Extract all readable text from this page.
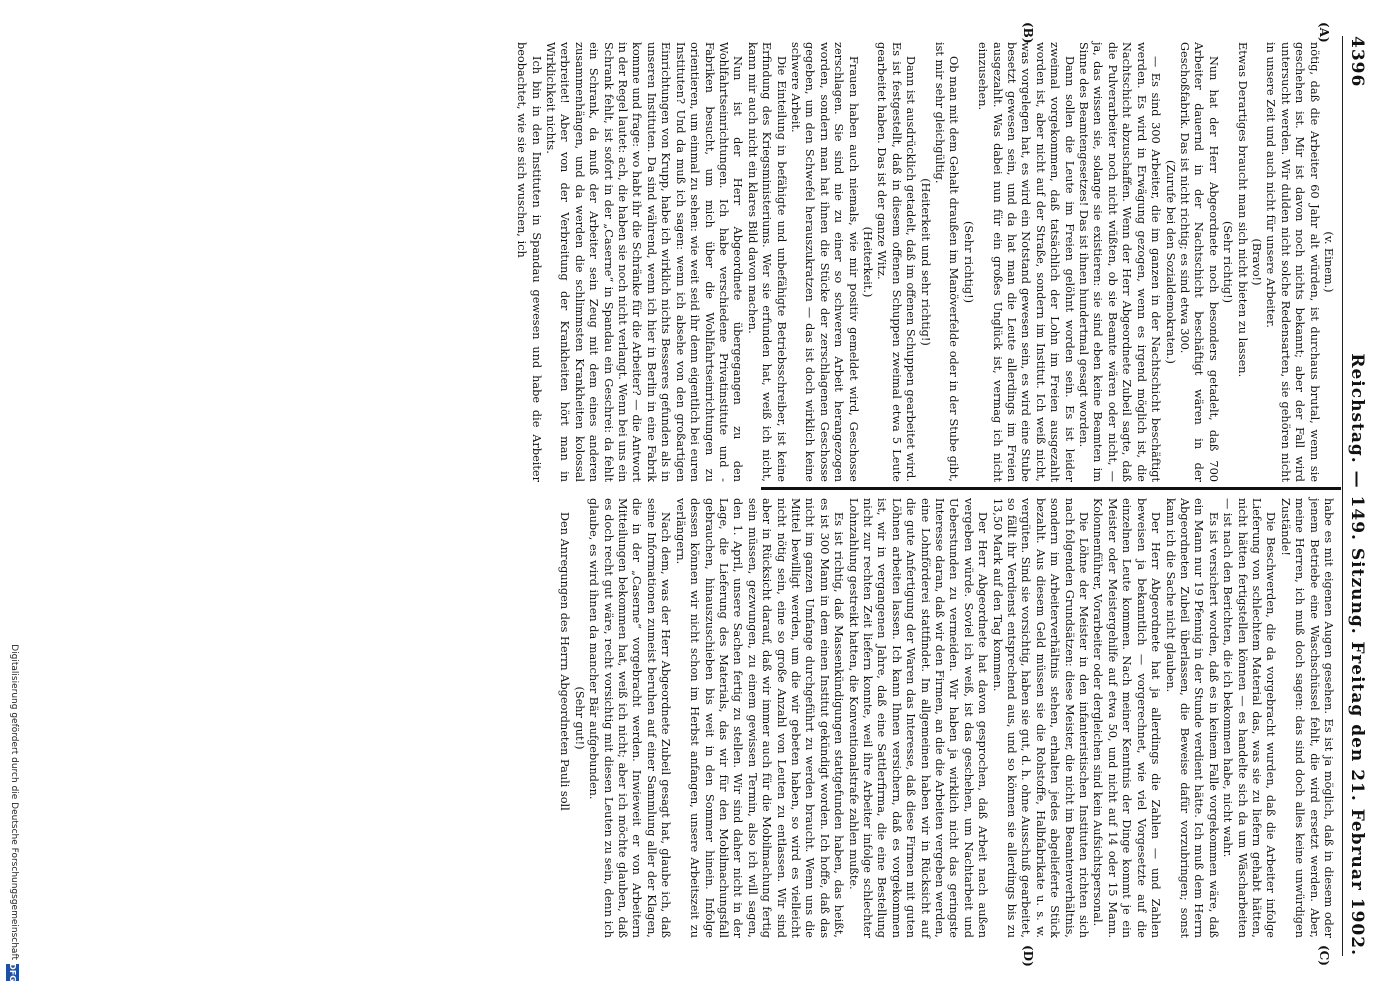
4396
Reichstag. — 149. Sitzung. Freitag den 21. Februar 1902.
(A)
(B)
(C)
(D)

(v. Einem.)

nötig, daß die Arbeiter 60 Jahr alt würden, ist durchaus brutal, wenn sie geschehen ist. Mir ist davon noch nichts bekannt; aber der Fall wird untersucht werden. Wir dulden nicht solche Redensarten, sie gehören nicht in unsere Zeit und auch nicht für unsere Arbeiter.

(Bravo!)

Etwas Derartiges braucht man sich nicht bieten zu lassen.

(Sehr richtig!)

Nun hat der Herr Abgeordnete noch besonders getadelt, daß 700 Arbeiter dauernd in der Nachtschicht beschäftigt wären in der Geschoßfabrik. Das ist nicht richtig; es sind etwa 300.

(Zurufe bei den Sozialdemokraten.)

— Es sind 300 Arbeiter, die im ganzen in der Nachtschicht beschäftigt werden. Es wird in Erwägung gezogen, wenn es irgend möglich ist, die Nachtschicht abzuschaffen. Wenn der Herr Abgeordnete Zubeil sagte, daß die Pulverarbeiter noch nicht wüßten, ob sie Beamte wären oder nicht, — ja, das wissen sie, solange sie existieren: sie sind eben keine Beamten im Sinne des Beamtengesetzes! Das ist ihnen hundertmal gesagt worden.

Dann sollen die Leute im Freien gelöhnt worden sein. Es ist leider zweimal vorgekommen, daß tatsächlich der Lohn im Freien ausgezahlt worden ist, aber nicht auf der Straße, sondern im Institut. Ich weiß nicht, was vorgelegen hat, es wird ein Notstand gewesen sein, es wird eine Stube besetzt gewesen sein, und da hat man die Leute allerdings im Freien ausgezahlt. Was dabei nun für ein großes Unglück ist, vermag ich nicht einzusehen.

(Sehr richtig!)

Ob man mit dem Gehalt draußen im Manöverfelde oder in der Stube gibt, ist mir sehr gleichgültig.

(Heiterkeit und sehr richtig!)

Dann ist ausdrücklich getadelt, daß im offenen Schuppen gearbeitet wird. Es ist festgestellt, daß in diesem offenen Schuppen zweimal etwa 5 Leute gearbeitet haben. Das ist der ganze Witz.

(Heiterkeit.)

Frauen haben auch niemals, wie mir positiv gemeldet wird, Geschosse zerschlagen. Sie sind nie zu einer so schweren Arbeit herangezogen worden, sondern man hat ihnen die Stücke der zerschlagenen Geschosse gegeben, um den Schwefel herauszukratzen — das ist doch wirklich keine schwere Arbeit.

Die Einteilung in befähigte und unbefähigte Betriebsschreiber, ist keine Erfindung des Kriegsministeriums. Wer sie erfunden hat, weiß ich nicht, kann mir auch nicht ein klares Bild davon machen.

Nun ist der Herr Abgeordnete übergegangen zu den Wohlfahrtseinrichtungen. Ich habe verschiedene Privatinstitute und -Fabriken besucht, um mich über die Wohlfahrtseinrichtungen zu orientieren, um einmal zu sehen: wie weit seid ihr denn eigentlich bei euren Instituten? Und da muß ich sagen: wenn ich absehe von den großartigen Einrichtungen von Krupp, habe ich wirklich nichts Besseres gefunden als in unseren Instituten. Da sind während, wenn ich hier in Berlin in eine Fabrik komme und frage: wo habt ihr die Schränke für die Arbeiter? — die Antwort in der Regel lautet: ach, die haben sie noch nicht verlangt. Wenn bei uns ein Schrank fehlt, ist sofort in der „Caserne“ in Spandau ein Geschrei: da fehlt ein Schrank, da muß der Arbeiter sein Zeug mit dem eines anderen zusammenhängen, und da werden die schlimmsten Krankheiten kolossal verbreitet! Aber von der Verbreitung der Krankheiten hört man in Wirklichkeit nichts.

Ich bin in den Instituten in Spandau gewesen und habe die Arbeiter beobachtet, wie sie sich wuschen, ich

habe es mit eigenen Augen gesehen. Es ist ja möglich, daß in diesem oder jenem Betriebe eine Waschschüssel fehlt, die wird ersetzt werden. Aber, meine Herren, ich muß doch sagen: das sind doch alles keine unwürdigen Zustände!

Die Beschwerden, die da vorgebracht wurden, daß die Arbeiter infolge Lieferung von schlechtem Material das, was sie zu liefern gehabt hätten, nicht hätten fertigstellen können — es handelte sich da um Wäscharbeiten — ist nach den Berichten, die ich bekommen habe, nicht wahr.

Es ist versichert worden, daß es in keinem Falle vorgekommen wäre, daß ein Mann nur 19 Pfennig in der Stunde verdient hätte. Ich muß dem Herrn Abgeordneten Zubeil überlassen, die Beweise dafür vorzubringen; sonst kann ich die Sache nicht glauben.

Der Herr Abgeordnete hat ja allerdings die Zahlen — und Zahlen beweisen ja bekanntlich — vorgerechnet, wie viel Vorgesetzte auf die einzelnen Leute kommen. Nach meiner Kenntnis der Dinge kommt je ein Meister oder Meistergehilfe auf etwa 50, und nicht auf 14 oder 15 Mann. Kolonnenführer, Vorarbeiter oder dergleichen sind kein Aufsichtspersonal.

Die Löhne der Meister in den infanteristischen Instituten richten sich nach folgenden Grundsätzen: diese Meister, die nicht im Beamtenverhältnis, sondern im Arbeiterverhältnis stehen, erhalten jedes abgelieferte Stück bezahlt. Aus diesem Geld müssen sie die Rohstoffe, Halbfabrikate u. s. w. vergüten. Sind sie vorsichtig, haben sie gut, d. h. ohne Ausschuß gearbeitet, so fällt ihr Verdienst entsprechend aus, und so können sie allerdings bis zu 13,50 Mark auf den Tag kommen.

Der Herr Abgeordnete hat davon gesprochen, daß Arbeit nach außen vergeben würde. Soviel ich weiß, ist das geschehen, um Nachtarbeit und Ueberstunden zu vermeiden. Wir haben ja wirklich nicht das geringste Interesse daran, daß wir den Firmen, an die die Arbeiten vergeben werden, eine Lohnförderei stattfindet. Im allgemeinen haben wir in Rücksicht auf die gute Anfertigung der Waren das Interesse, daß diese Firmen mit guten Löhnen arbeiten lassen. Ich kann Ihnen versichern, daß es vorgekommen ist, wir in vergangenen Jahre, daß eine Sattlerfirma, die eine Bestellung nicht zur rechten Zeit liefern konnte, weil ihre Arbeiter infolge schlechter Lohnzahlung gestreikt hatten, die Konventionalstrafe zahlen mußte.

Es ist richtig, daß Massenkündigungen stattgefunden haben, das heißt, es ist 300 Mann in dem einen Institut gekündigt worden. Ich hoffe, daß das nicht im ganzen Umfange durchgeführt zu werden braucht. Wenn uns die Mittel bewilligt werden, um die wir gebeten haben, so wird es vielleicht nicht nötig sein, eine so große Anzahl von Leuten zu entlassen. Wir sind aber in Rücksicht darauf, daß wir immer auch für die Mobilmachung fertig sein müssen, gezwungen, zu einem gewissen Termin, also ich will sagen, den 1. April, unsere Sachen fertig zu stellen. Wir sind daher nicht in der Lage, die Lieferung des Materials, das wir für den Mobilmachungsfall gebrauchen, hinauszuschieben bis weit in den Sommer hinein. Infolge dessen können wir nicht schon im Herbst anfangen, unsere Arbeitszeit zu verlängern.

Nach dem, was der Herr Abgeordnete Zubeil gesagt hat, glaube ich, daß seine Informationen zumeist beruhen auf einer Sammlung aller der Klagen, die in der „Caserne“ vorgebracht werden. Inwieweit er von Arbeitern Mitteilungen bekommen hat, weiß ich nicht; aber ich möchte glauben, daß es doch recht gut wäre, recht vorsichtig mit diesen Leuten zu sein, denn ich glaube, es wird ihnen da mancher Bär aufgebunden.

(Sehr gut!)

Den Anregungen des Herrn Abgeordneten Pauli soll

Digitalisierung gefördert durch die Deutsche Forschungsgemeinschaft
DFG
